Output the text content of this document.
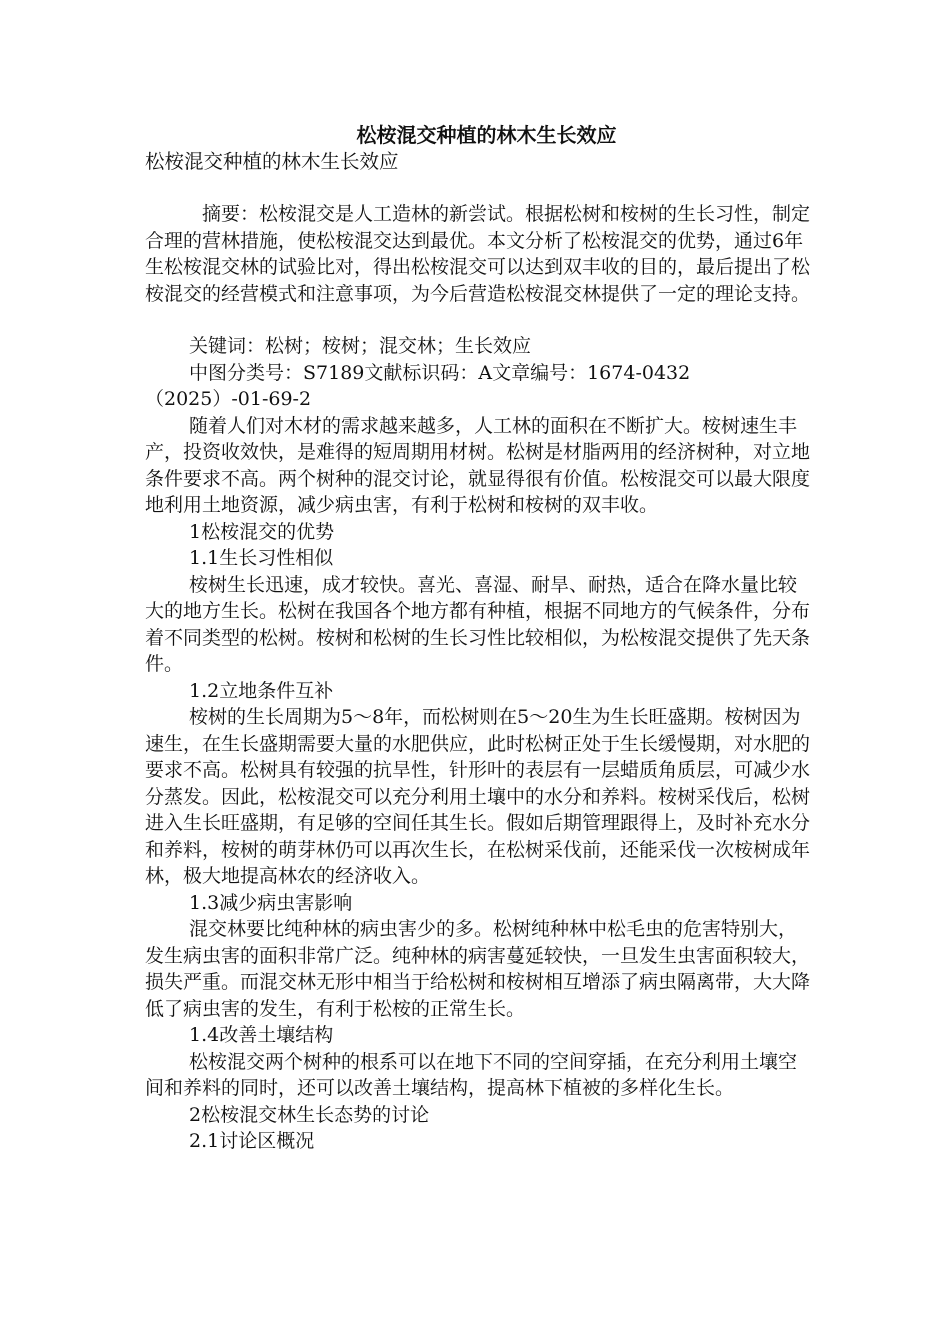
松桉混交种植的林木生长效应

松桉混交种植的林木生长效应

摘要：松桉混交是人工造林的新尝试。根据松树和桉树的生长习性，制定合理的营林措施，使松桉混交达到最优。本文分析了松桉混交的优势，通过6年生松桉混交林的试验比对，得出松桉混交可以达到双丰收的目的，最后提出了松桉混交的经营模式和注意事项，为今后营造松桉混交林提供了一定的理论支持。

关键词：松树；桉树；混交林；生长效应

中图分类号：S7189文献标识码：A文章编号：1674-0432（2025）-01-69-2

随着人们对木材的需求越来越多，人工林的面积在不断扩大。桉树速生丰产，投资收效快，是难得的短周期用材树。松树是材脂两用的经济树种，对立地条件要求不高。两个树种的混交讨论，就显得很有价值。松桉混交可以最大限度地利用土地资源，减少病虫害，有利于松树和桉树的双丰收。

1松桉混交的优势

1.1生长习性相似

桉树生长迅速，成才较快。喜光、喜湿、耐旱、耐热，适合在降水量比较大的地方生长。松树在我国各个地方都有种植，根据不同地方的气候条件，分布着不同类型的松树。桉树和松树的生长习性比较相似，为松桉混交提供了先天条件。

1.2立地条件互补

桉树的生长周期为5～8年，而松树则在5～20生为生长旺盛期。桉树因为速生，在生长盛期需要大量的水肥供应，此时松树正处于生长缓慢期，对水肥的要求不高。松树具有较强的抗旱性，针形叶的表层有一层蜡质角质层，可减少水分蒸发。因此，松桉混交可以充分利用土壤中的水分和养料。桉树采伐后，松树进入生长旺盛期，有足够的空间任其生长。假如后期管理跟得上，及时补充水分和养料，桉树的萌芽林仍可以再次生长，在松树采伐前，还能采伐一次桉树成年林，极大地提高林农的经济收入。

1.3减少病虫害影响

混交林要比纯种林的病虫害少的多。松树纯种林中松毛虫的危害特别大，发生病虫害的面积非常广泛。纯种林的病害蔓延较快，一旦发生虫害面积较大，损失严重。而混交林无形中相当于给松树和桉树相互增添了病虫隔离带，大大降低了病虫害的发生，有利于松桉的正常生长。

1.4改善土壤结构

松桉混交两个树种的根系可以在地下不同的空间穿插，在充分利用土壤空间和养料的同时，还可以改善土壤结构，提高林下植被的多样化生长。

2松桉混交林生长态势的讨论

2.1讨论区概况
